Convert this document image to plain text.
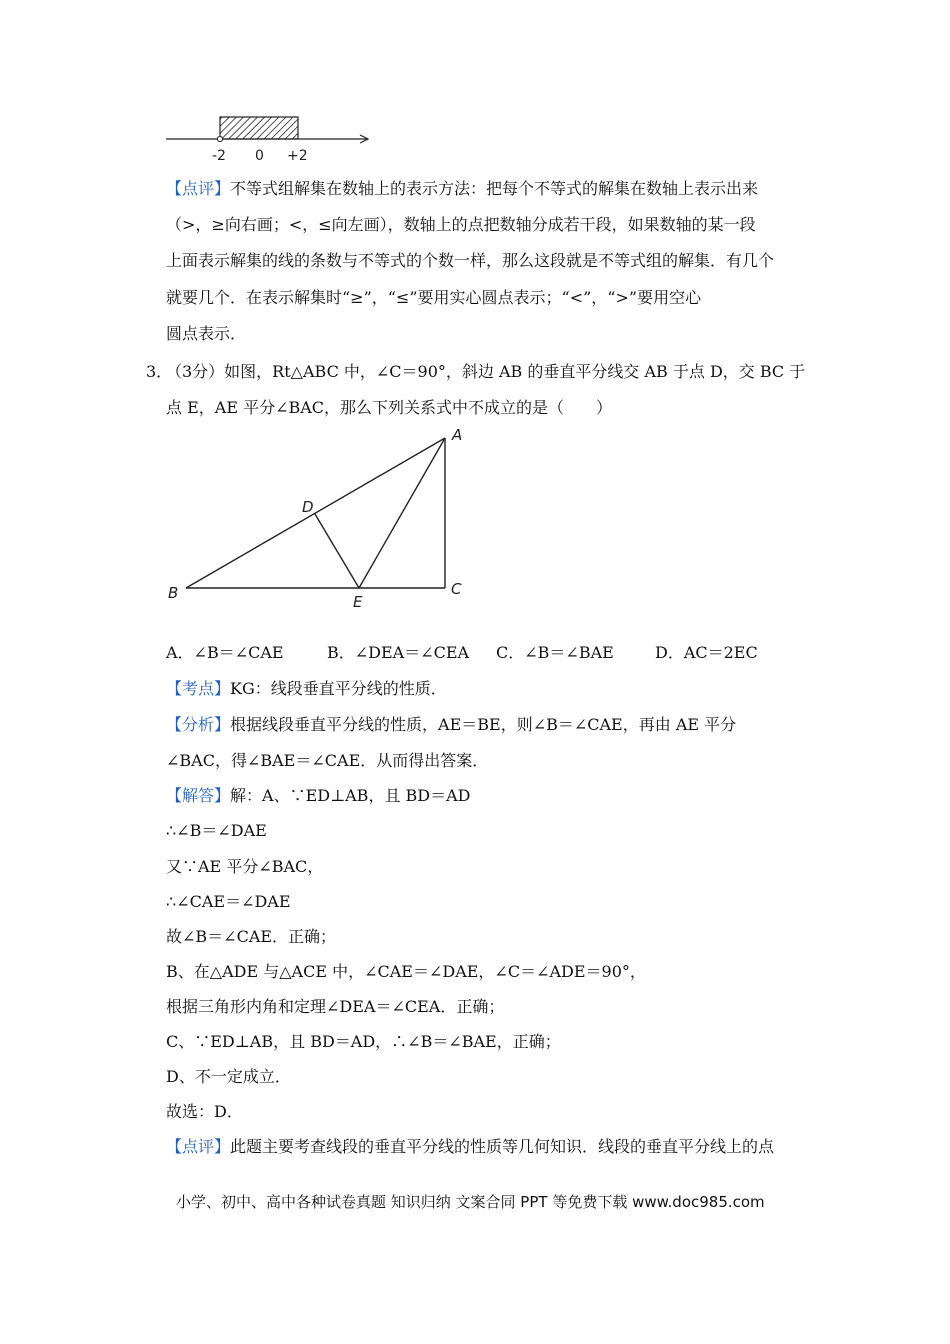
-2 0 +2
【点评】不等式组解集在数轴上的表示方法：把每个不等式的解集在数轴上表示出来
（>，≥向右画；<，≤向左画），数轴上的点把数轴分成若干段，如果数轴的某一段
上面表示解集的线的条数与不等式的个数一样，那么这段就是不等式组的解集．有几个
就要几个．在表示解集时“≥”，“≤”要用实心圆点表示；“<”，“>”要用空心
圆点表示．
3．
（3分）如图，Rt△ABC 中，∠C＝90°，斜边 AB 的垂直平分线交 AB 于点 D，交 BC 于
点 E，AE 平分∠BAC，那么下列关系式中不成立的是（　　）
A
B	C
D
E
A．∠B＝∠CAE	B．∠DEA＝∠CEA C．∠B＝∠BAE	D．AC＝2EC
【考点】KG：线段垂直平分线的性质．
【分析】根据线段垂直平分线的性质，AE＝BE，则∠B＝∠CAE，再由 AE 平分
∠BAC，得∠BAE＝∠CAE．从而得出答案．
【解答】解：A、∵ED⊥AB，且 BD＝AD
∴∠B＝∠DAE
又∵AE 平分∠BAC，
∴∠CAE＝∠DAE
故∠B＝∠CAE．正确；
B、在△ADE 与△ACE 中，∠CAE＝∠DAE，∠C＝∠ADE＝90°，
根据三角形内角和定理∠DEA＝∠CEA．正确；
C、∵ED⊥AB，且 BD＝AD，∴∠B＝∠BAE，正确；
D、不一定成立．
故选：D．
【点评】此题主要考查线段的垂直平分线的性质等几何知识．线段的垂直平分线上的点
小学、初中、高中各种试卷真题 知识归纳 文案合同 PPT 等免费下载 www.doc985.com
